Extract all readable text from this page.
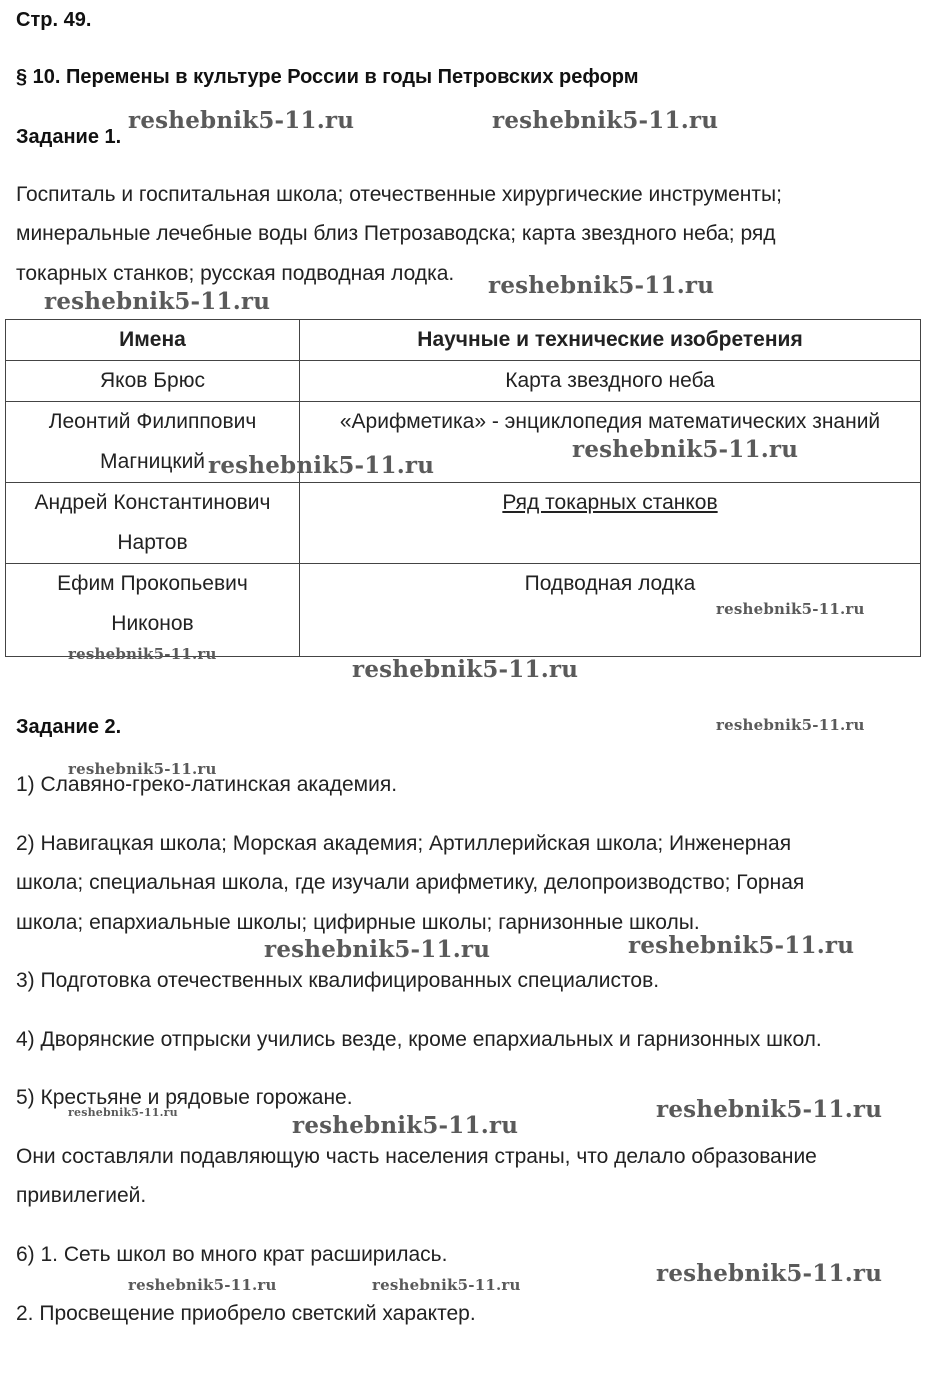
Стр. 49.
§ 10. Перемены в культуре России в годы Петровских реформ
Задание 1.
Госпиталь и госпитальная школа; отечественные хирургические инструменты;
минеральные лечебные воды близ Петрозаводска; карта звездного неба; ряд
токарных станков; русская подводная лодка.
Имена	Научные и технические изобретения
Яков Брюс	Карта звездного неба
Леонтий Филиппович
Магницкий	«Арифметика» - энциклопедия математических знаний
Андрей Константинович
Нартов	Ряд токарных станков
Ефим Прокопьевич
Никонов	Подводная лодка
Задание 2.
1) Славяно-греко-латинская академия.
2) Навигацкая школа; Морская академия; Артиллерийская школа; Инженерная
школа; специальная школа, где изучали арифметику, делопроизводство; Горная
школа; епархиальные школы; цифирные школы; гарнизонные школы.
3) Подготовка отечественных квалифицированных специалистов.
4) Дворянские отпрыски учились везде, кроме епархиальных и гарнизонных школ.
5) Крестьяне и рядовые горожане.
Они составляли подавляющую часть населения страны, что делало образование
привилегией.
6) 1. Сеть школ во много крат расширилась.
2. Просвещение приобрело светский характер.
reshebnik5-11.ru	reshebnik5-11.ru
reshebnik5-11.ru
reshebnik5-11.ru
reshebnik5-11.ru
reshebnik5-11.ru
reshebnik5-11.ru
reshebnik5-11.ru
reshebnik5-11.ru
reshebnik5-11.ru
reshebnik5-11.ru
reshebnik5-11.ru
reshebnik5-11.ru
reshebnik5-11.ru
reshebnik5-11.ru	reshebnik5-11.ru
reshebnik5-11.ru
reshebnik5-11.ru	reshebnik5-11.ru
